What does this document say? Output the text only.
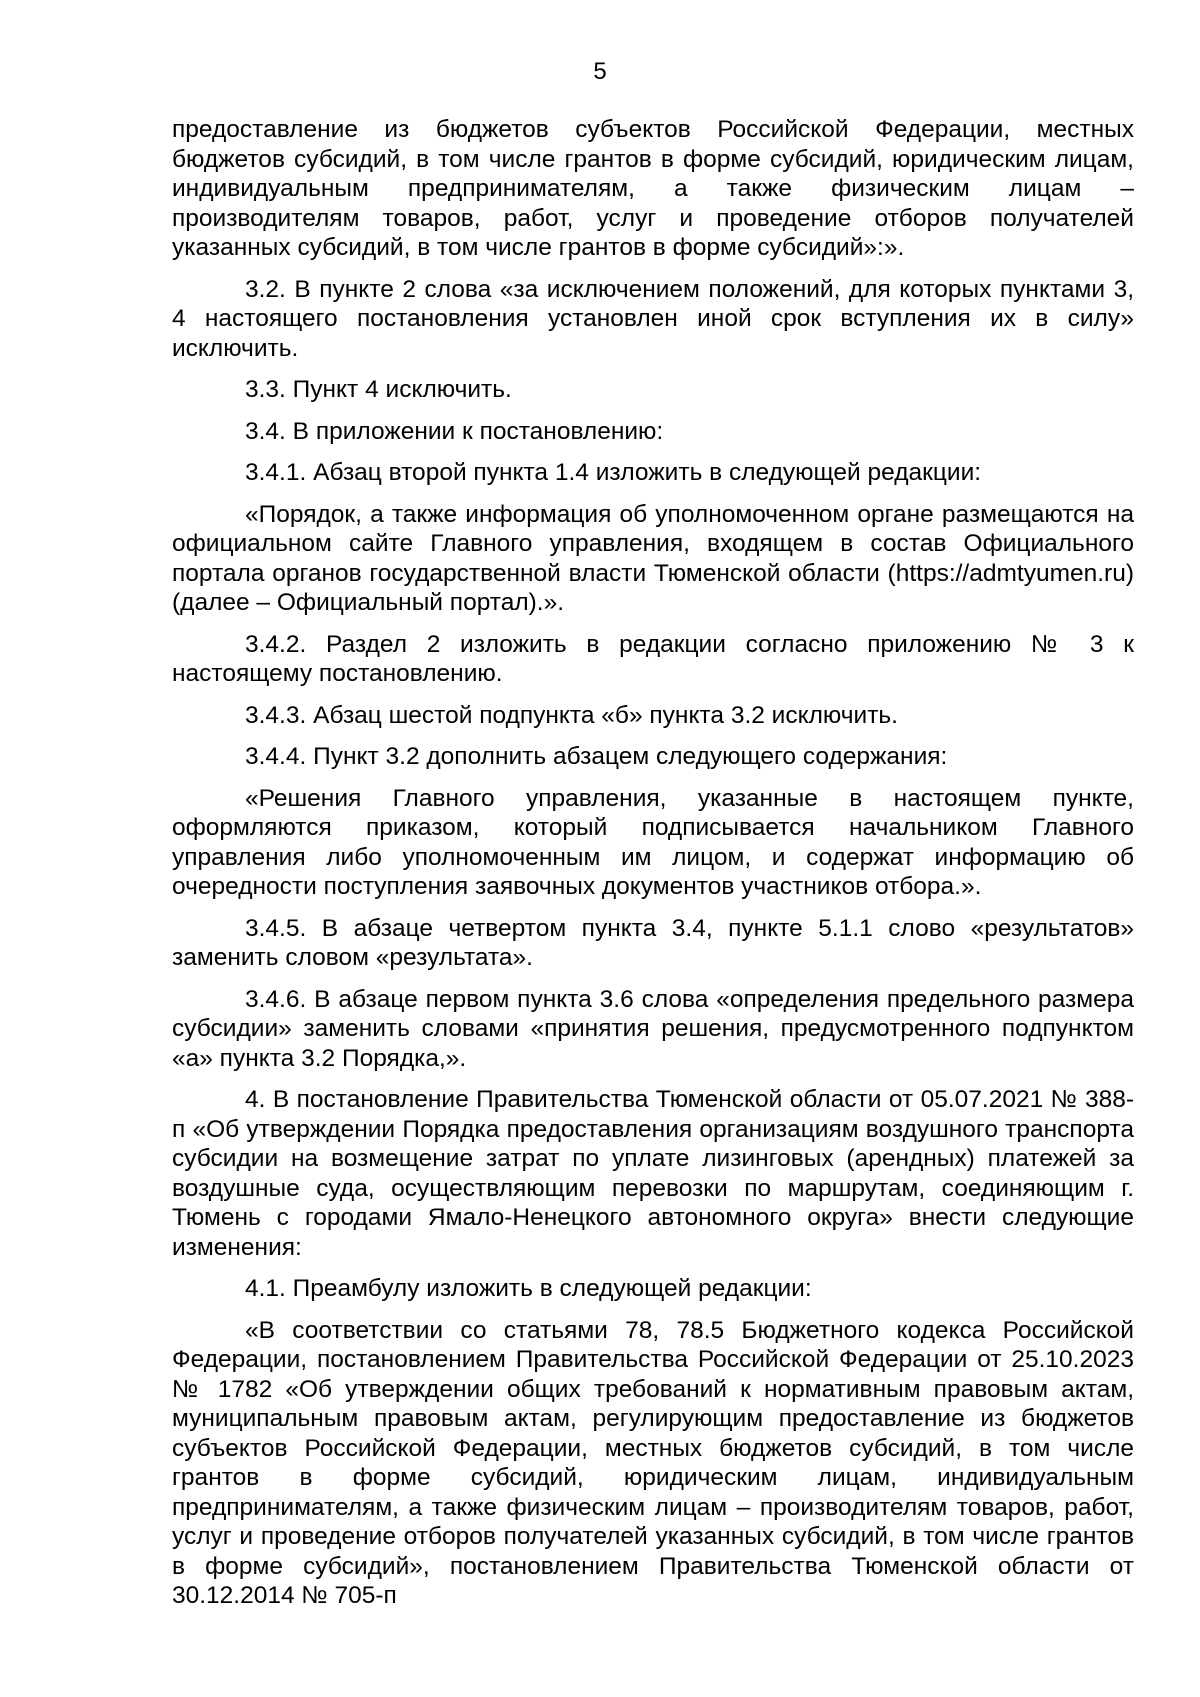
5

предоставление из бюджетов субъектов Российской Федерации, местных бюджетов субсидий, в том числе грантов в форме субсидий, юридическим лицам, индивидуальным предпринимателям, а также физическим лицам – производителям товаров, работ, услуг и проведение отборов получателей указанных субсидий, в том числе грантов в форме субсидий»:».

3.2. В пункте 2 слова «за исключением положений, для которых пунктами 3, 4 настоящего постановления установлен иной срок вступления их в силу» исключить.

3.3. Пункт 4 исключить.

3.4. В приложении к постановлению:

3.4.1. Абзац второй пункта 1.4 изложить в следующей редакции:

«Порядок, а также информация об уполномоченном органе размещаются на официальном сайте Главного управления, входящем в состав Официального портала органов государственной власти Тюменской области (https://admtyumen.ru) (далее – Официальный портал).».

3.4.2. Раздел 2 изложить в редакции согласно приложению № 3 к настоящему постановлению.

3.4.3. Абзац шестой подпункта «б» пункта 3.2 исключить.

3.4.4. Пункт 3.2 дополнить абзацем следующего содержания:

«Решения Главного управления, указанные в настоящем пункте, оформляются приказом, который подписывается начальником Главного управления либо уполномоченным им лицом, и содержат информацию об очередности поступления заявочных документов участников отбора.».

3.4.5. В абзаце четвертом пункта 3.4, пункте 5.1.1 слово «результатов» заменить словом «результата».

3.4.6. В абзаце первом пункта 3.6 слова «определения предельного размера субсидии» заменить словами «принятия решения, предусмотренного подпунктом «а» пункта 3.2 Порядка,».

4. В постановление Правительства Тюменской области от 05.07.2021 № 388-п «Об утверждении Порядка предоставления организациям воздушного транспорта субсидии на возмещение затрат по уплате лизинговых (арендных) платежей за воздушные суда, осуществляющим перевозки по маршрутам, соединяющим г. Тюмень с городами Ямало-Ненецкого автономного округа» внести следующие изменения:

4.1. Преамбулу изложить в следующей редакции:

«В соответствии со статьями 78, 78.5 Бюджетного кодекса Российской Федерации, постановлением Правительства Российской Федерации от 25.10.2023 № 1782 «Об утверждении общих требований к нормативным правовым актам, муниципальным правовым актам, регулирующим предоставление из бюджетов субъектов Российской Федерации, местных бюджетов субсидий, в том числе грантов в форме субсидий, юридическим лицам, индивидуальным предпринимателям, а также физическим лицам – производителям товаров, работ, услуг и проведение отборов получателей указанных субсидий, в том числе грантов в форме субсидий», постановлением Правительства Тюменской области от 30.12.2014 № 705-п
